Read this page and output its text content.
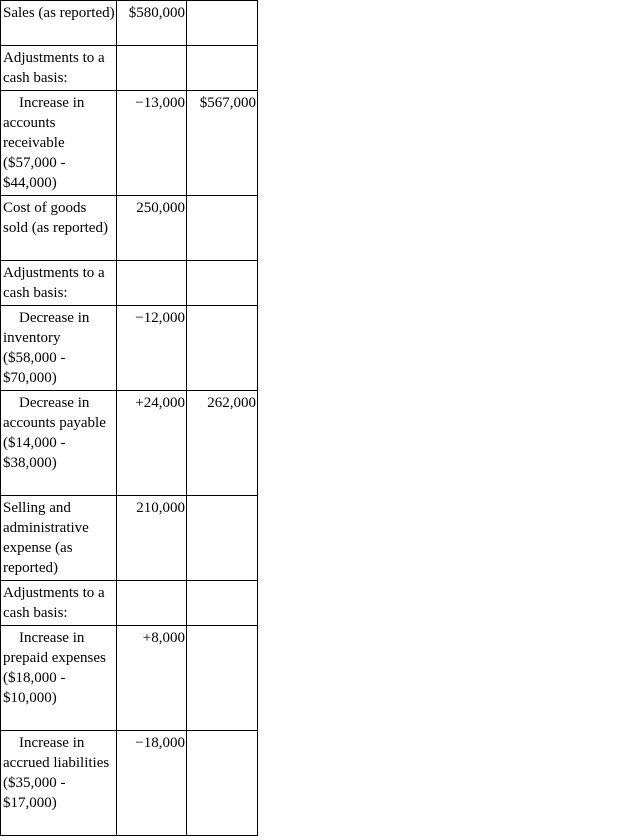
Sales (as reported)	$580,000	
Adjustments to a cash basis:		

Increase in accounts receivable ($57,000 - $44,000)	−13,000	$567,000
Cost of goods sold (as reported)	250,000	
Adjustments to a cash basis:		

Decrease in inventory ($58,000 - $70,000)	−12,000	

Decrease in accounts payable ($14,000 - $38,000)	+24,000	262,000
Selling and administrative expense (as reported)	210,000	
Adjustments to a cash basis:		

Increase in prepaid expenses ($18,000 - $10,000)	+8,000	

Increase in accrued liabilities ($35,000 - $17,000)	−18,000	
